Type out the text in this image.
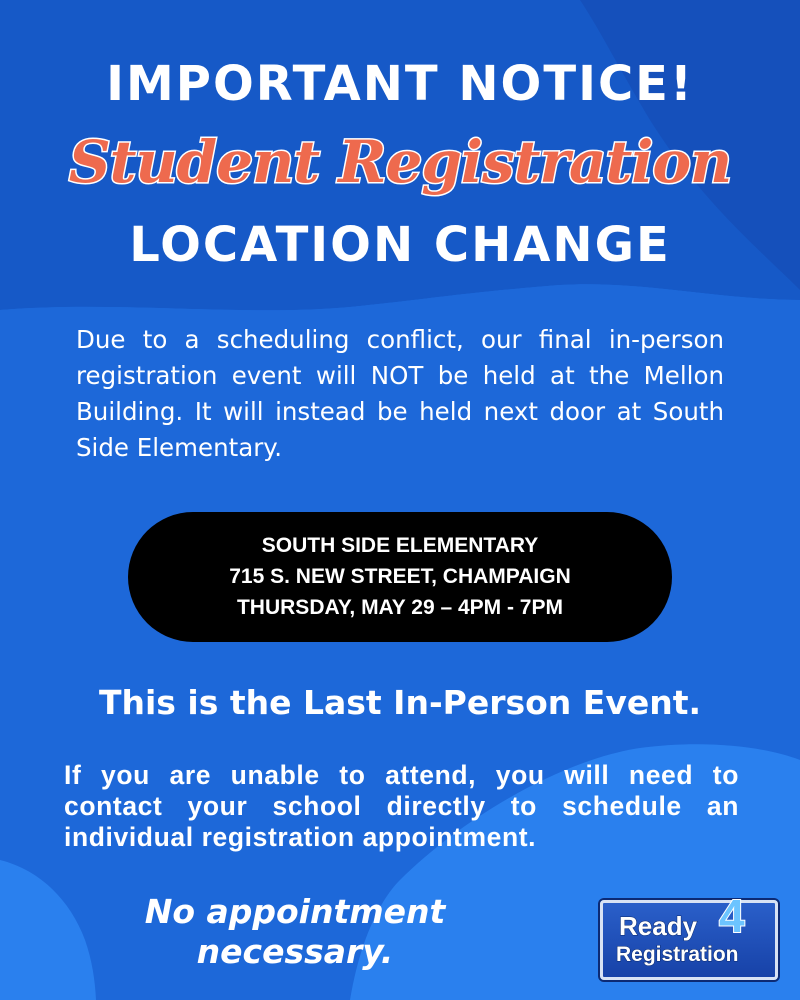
IMPORTANT NOTICE!
Student Registration
LOCATION CHANGE
Due to a scheduling conflict, our final in-person registration event will NOT be held at the Mellon Building. It will instead be held next door at South Side Elementary.
SOUTH SIDE ELEMENTARY
715 S. NEW STREET, CHAMPAIGN
THURSDAY, MAY 29 – 4PM - 7PM
This is the Last In-Person Event.
If you are unable to attend, you will need to contact your school directly to schedule an individual registration appointment.
No appointment
necessary.
Ready 4
Registration
